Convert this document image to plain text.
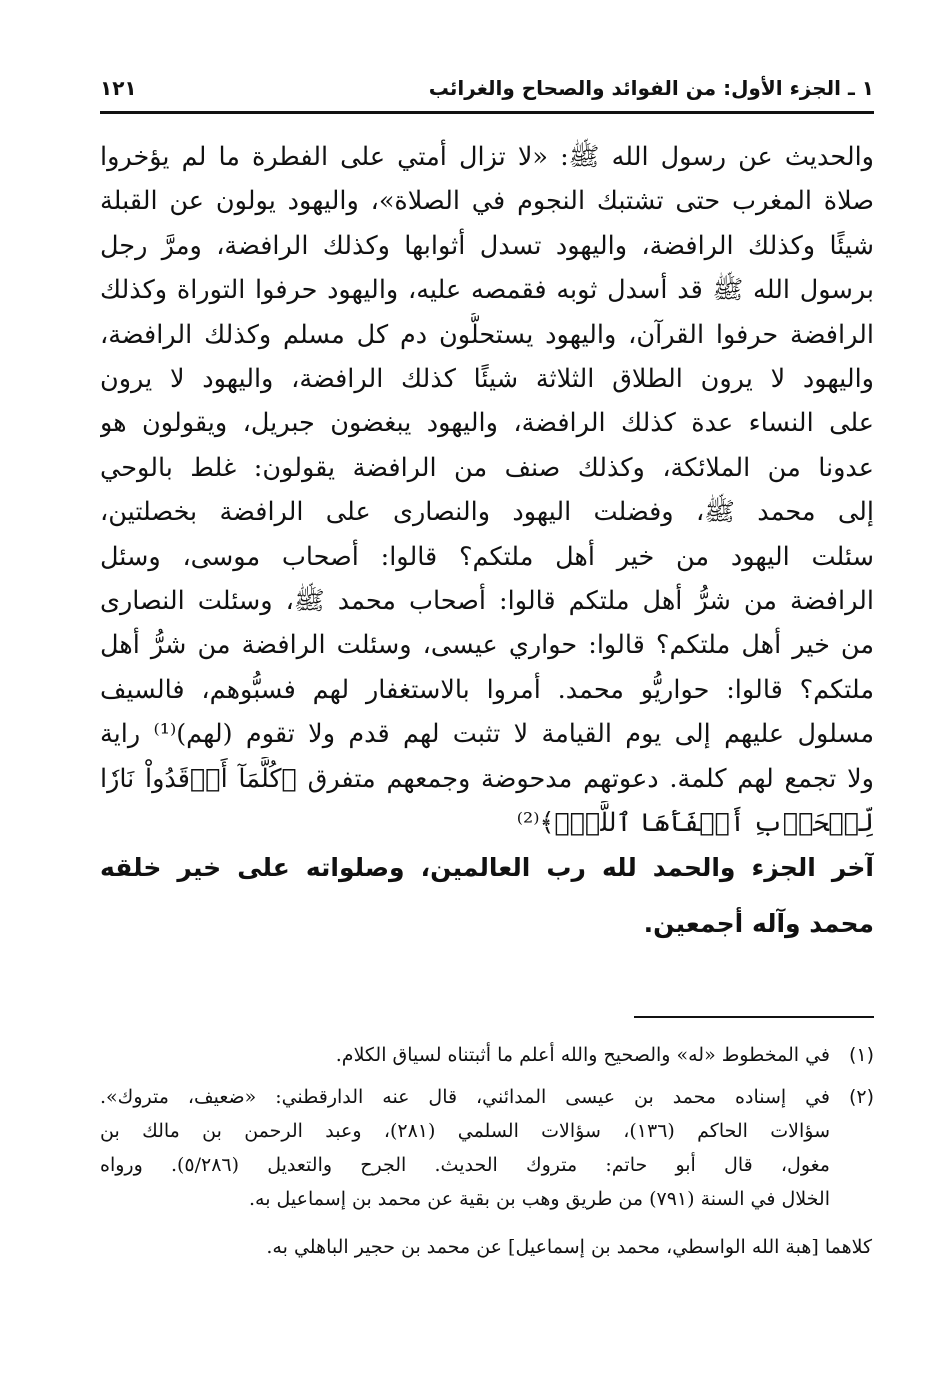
١ ـ الجزء الأول: من الفوائد والصحاح والغرائب
١٢١
والحديث عن رسول الله ﷺ: «لا تزال أمتي على الفطرة ما لم يؤخروا
صلاة المغرب حتى تشتبك النجوم في الصلاة»، واليهود يولون عن القبلة
شيئًا وكذلك الرافضة، واليهود تسدل أثوابها وكذلك الرافضة، ومرَّ رجل
برسول الله ﷺ قد أسدل ثوبه فقمصه عليه، واليهود حرفوا التوراة وكذلك
الرافضة حرفوا القرآن، واليهود يستحلُّون دم كل مسلم وكذلك الرافضة،
واليهود لا يرون الطلاق الثلاثة شيئًا كذلك الرافضة، واليهود لا يرون
على النساء عدة كذلك الرافضة، واليهود يبغضون جبريل، ويقولون هو
عدونا من الملائكة، وكذلك صنف من الرافضة يقولون: غلط بالوحي
إلى محمد ﷺ، وفضلت اليهود والنصارى على الرافضة بخصلتين،
سئلت اليهود من خير أهل ملتكم؟ قالوا: أصحاب موسى، وسئل
الرافضة من شرُّ أهل ملتكم قالوا: أصحاب محمد ﷺ، وسئلت النصارى
من خير أهل ملتكم؟ قالوا: حواري عيسى، وسئلت الرافضة من شرُّ أهل
ملتكم؟ قالوا: حواريُّو محمد. أمروا بالاستغفار لهم فسبُّوهم، فالسيف
مسلول عليهم إلى يوم القيامة لا تثبت لهم قدم ولا تقوم (لهم)⁽¹⁾ راية
ولا تجمع لهم كلمة. دعوتهم مدحوضة وجمعهم متفرق ﴿كُلَّمَآ أَوۡقَدُواْ نَارٗا
لِّلۡحَرۡبِ أَطۡفَأَهَا ٱللَّهُۚ﴾⁽²⁾
آخر الجزء والحمد لله رب العالمين، وصلواته على خير خلقه
محمد وآله أجمعين.
(١)
في المخطوط «له» والصحيح والله أعلم ما أثبتناه لسياق الكلام.
(٢)
في إسناده محمد بن عيسى المدائني، قال عنه الدارقطني: «ضعيف، متروك».
سؤالات الحاكم (١٣٦)، سؤالات السلمي (٢٨١)، وعبد الرحمن بن مالك بن
مغول، قال أبو حاتم: متروك الحديث. الجرح والتعديل (٥/٢٨٦). ورواه
الخلال في السنة (٧٩١) من طريق وهب بن بقية عن محمد بن إسماعيل به.
كلاهما [هبة الله الواسطي، محمد بن إسماعيل] عن محمد بن حجير الباهلي به.
